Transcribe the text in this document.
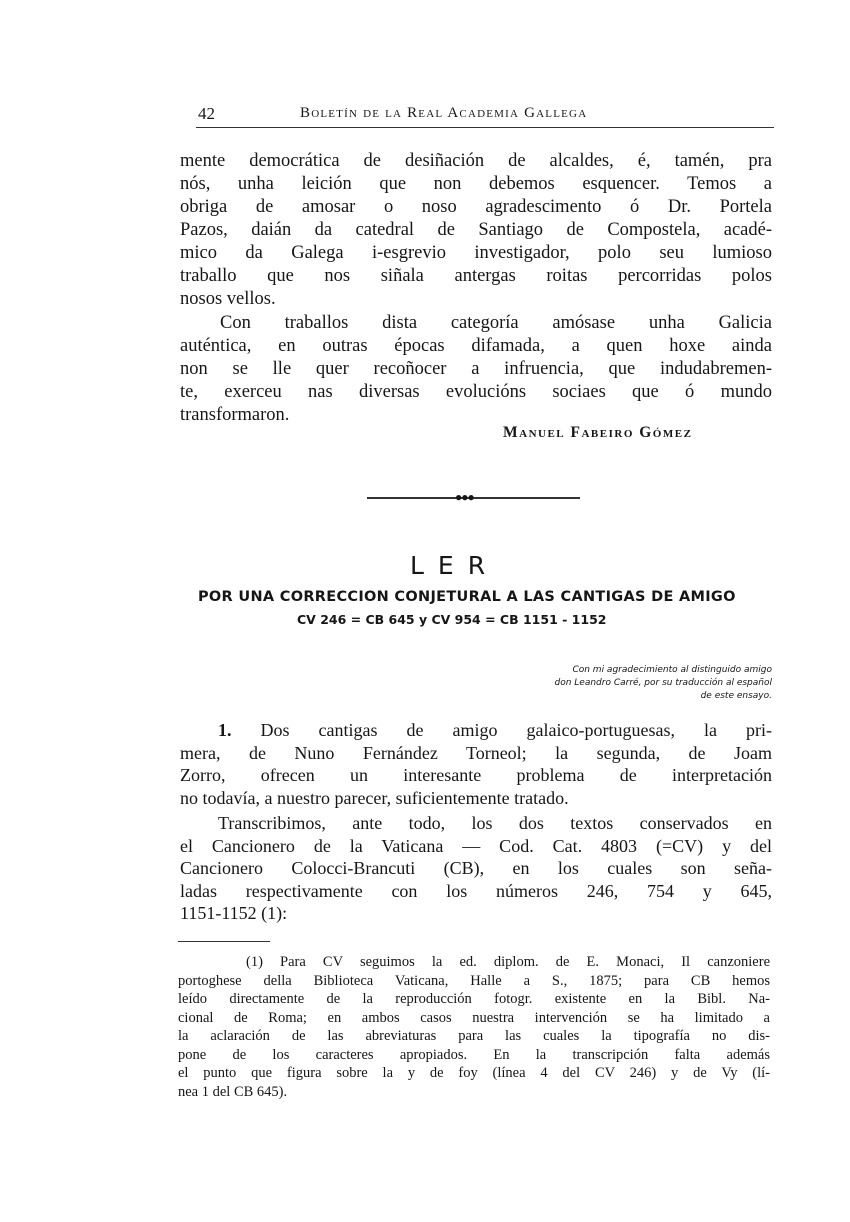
42	Boletín de la Real Academia Gallega
mente democrática de desiñación de alcaldes, é, tamén, pra
nós, unha leición que non debemos esquencer. Temos a
obriga de amosar o noso agradescimento ó Dr. Portela
Pazos, daián da catedral de Santiago de Compostela, acadé-
mico da Galega i-esgrevio investigador, polo seu lumioso
traballo que nos siñala antergas roitas percorridas polos
nosos vellos.
Con traballos dista categoría amósase unha Galicia
auténtica, en outras épocas difamada, a quen hoxe ainda
non se lle quer recoñocer a infruencia, que indudabremen-
te, exerceu nas diversas evolucións sociaes que ó mundo
transformaron.
Manuel Fabeiro Gómez
●●●
LER
POR UNA CORRECCION CONJETURAL A LAS CANTIGAS DE AMIGO
CV 246 = CB 645 y CV 954 = CB 1151 - 1152
Con mi agradecimiento al distinguido amigo
don Leandro Carré, por su traducción al español
de este ensayo.
1. Dos cantigas de amigo galaico-portuguesas, la pri-
mera, de Nuno Fernández Torneol; la segunda, de Joam
Zorro, ofrecen un interesante problema de interpretación
no todavía, a nuestro parecer, suficientemente tratado.
Transcribimos, ante todo, los dos textos conservados en
el Cancionero de la Vaticana — Cod. Cat. 4803 (=CV) y del
Cancionero Colocci-Brancuti (CB), en los cuales son seña-
ladas respectivamente con los números 246, 754 y 645,
1151-1152 (1):
(1) Para CV seguimos la ed. diplom. de E. Monaci, Il canzoniere
portoghese della Biblioteca Vaticana, Halle a S., 1875; para CB hemos
leído directamente de la reproducción fotogr. existente en la Bibl. Na-
cional de Roma; en ambos casos nuestra intervención se ha limitado a
la aclaración de las abreviaturas para las cuales la tipografía no dis-
pone de los caracteres apropiados. En la transcripción falta además
el punto que figura sobre la y de foy (línea 4 del CV 246) y de Vy (lí-
nea 1 del CB 645).
